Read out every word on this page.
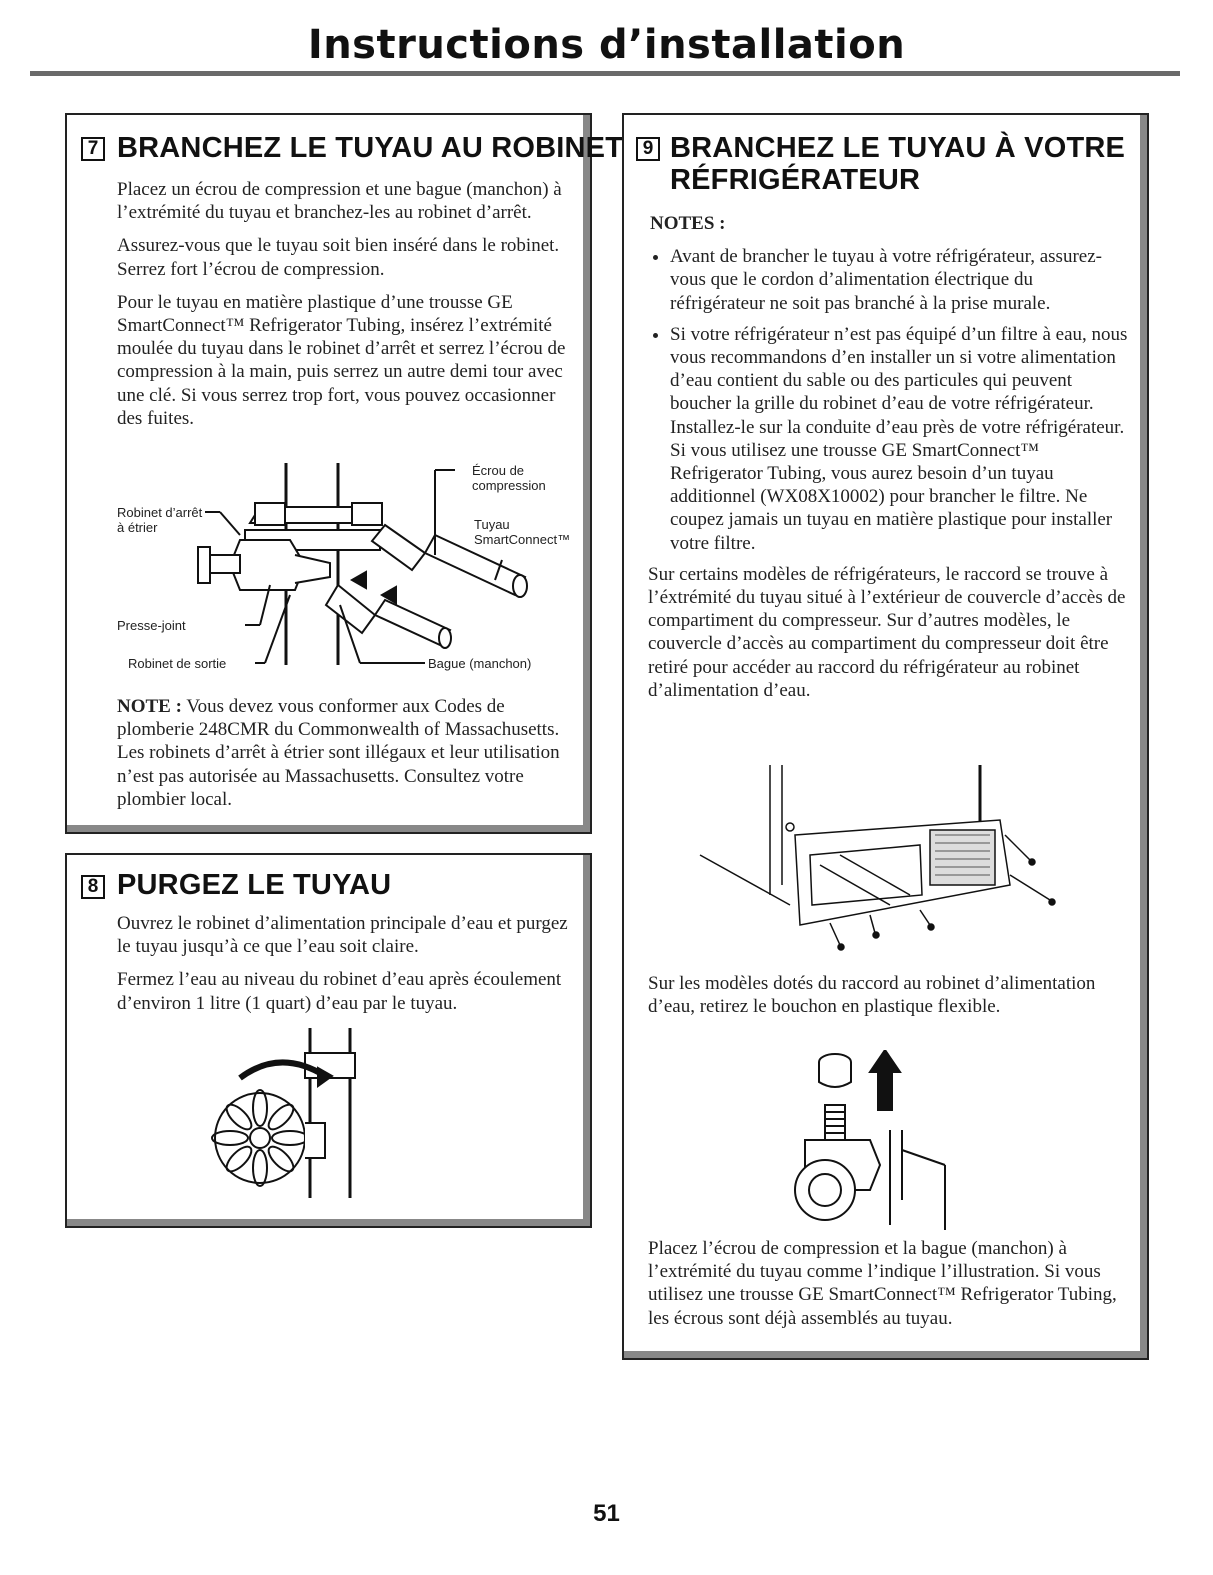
Instructions d’installation
7 BRANCHEZ LE TUYAU AU ROBINET

Placez un écrou de compression et une bague (manchon) à l’extrémité du tuyau et branchez-les au robinet d’arrêt.

Assurez-vous que le tuyau soit bien inséré dans le robinet. Serrez fort l’écrou de compression.

Pour le tuyau en matière plastique d’une trousse GE SmartConnect™ Refrigerator Tubing, insérez l’extrémité moulée du tuyau dans le robinet d’arrêt et serrez l’écrou de compression à la main, puis serrez un autre demi tour avec une clé. Si vous serrez trop fort, vous pouvez occasionner des fuites.

Robinet d’arrêt
à étrier
Écrou de
compression
Tuyau
SmartConnect™
Presse-joint
Robinet de sortie	Bague (manchon)

NOTE : Vous devez vous conformer aux Codes de plomberie 248CMR du Commonwealth of Massachusetts. Les robinets d’arrêt à étrier sont illégaux et leur utilisation n’est pas autorisée au Massachusetts. Consultez votre plombier local.

8 PURGEZ LE TUYAU

Ouvrez le robinet d’alimentation principale d’eau et purgez le tuyau jusqu’à ce que l’eau soit claire.

Fermez l’eau au niveau du robinet d’eau après écoulement d’environ 1 litre (1 quart) d’eau par le tuyau.

9 BRANCHEZ LE TUYAU À VOTRE
RÉFRIGÉRATEUR

NOTES :

• Avant de brancher le tuyau à votre réfrigérateur, assurez-vous que le cordon d’alimentation électrique du réfrigérateur ne soit pas branché à la prise murale.
• Si votre réfrigérateur n’est pas équipé d’un filtre à eau, nous vous recommandons d’en installer un si votre alimentation d’eau contient du sable ou des particules qui peuvent boucher la grille du robinet d’eau de votre réfrigérateur. Installez-le sur la conduite d’eau près de votre réfrigérateur. Si vous utilisez une trousse GE SmartConnect™ Refrigerator Tubing, vous aurez besoin d’un tuyau additionnel (WX08X10002) pour brancher le filtre. Ne coupez jamais un tuyau en matière plastique pour installer votre filtre.

Sur certains modèles de réfrigérateurs, le raccord se trouve à l’éxtrémité du tuyau situé à l’extérieur de couvercle d’accès de compartiment du compresseur. Sur d’autres modèles, le couvercle d’accès au compartiment du compresseur doit être retiré pour accéder au raccord du réfrigérateur au robinet d’alimentation d’eau.

Sur les modèles dotés du raccord au robinet d’alimentation d’eau, retirez le bouchon en plastique flexible.

Placez l’écrou de compression et la bague (manchon) à l’extrémité du tuyau comme l’indique l’illustration. Si vous utilisez une trousse GE SmartConnect™ Refrigerator Tubing, les écrous sont déjà assemblés au tuyau.

51
